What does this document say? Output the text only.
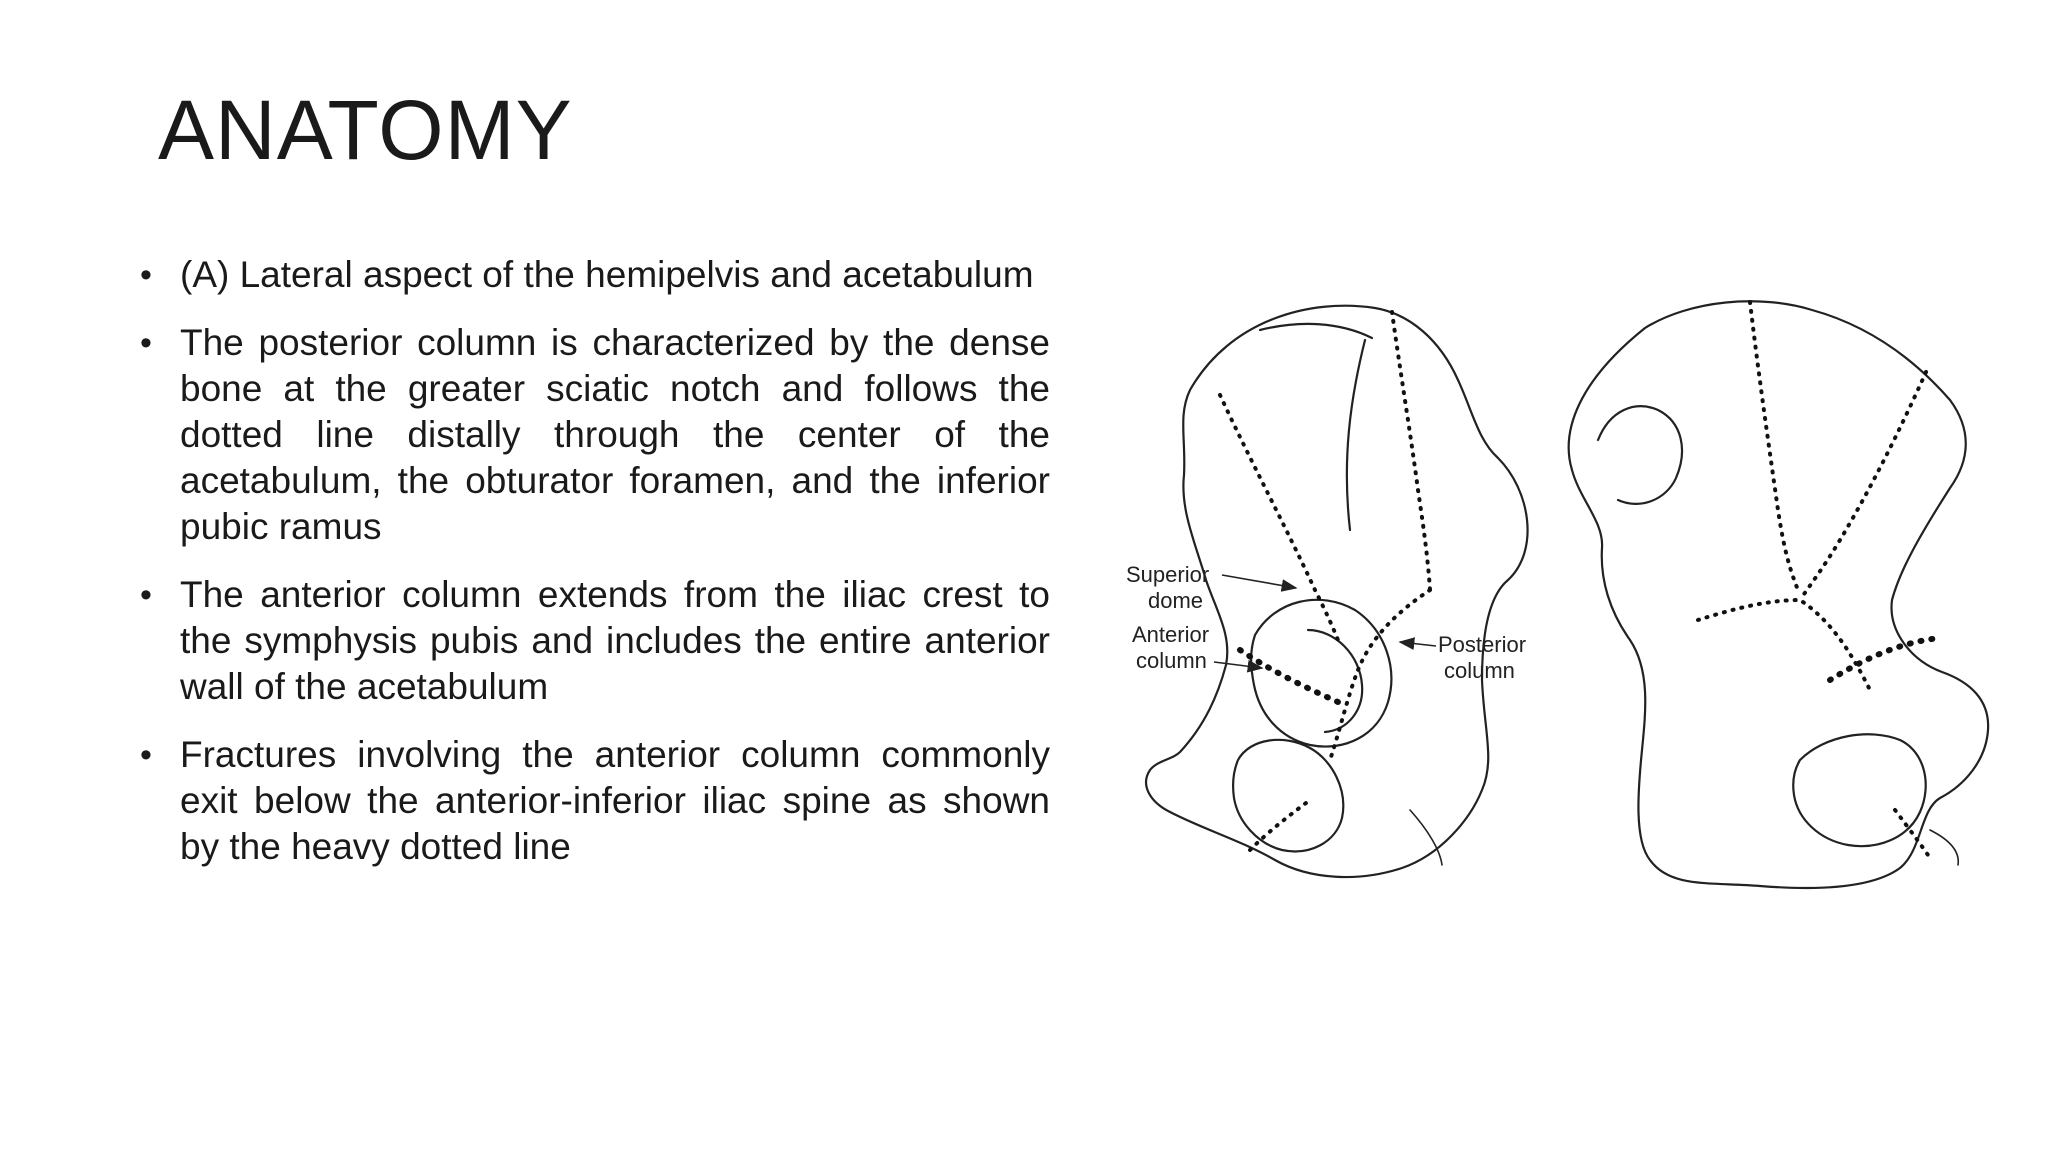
ANATOMY
• (A) Lateral aspect of the hemipelvis and acetabulum
• The posterior column is characterized by the dense bone at the greater sciatic notch and follows the dotted line distally through the center of the acetabulum, the obturator foramen, and the inferior pubic ramus
• The anterior column extends from the iliac crest to the symphysis pubis and includes the entire anterior wall of the acetabulum
• Fractures involving the anterior column commonly exit below the anterior-inferior iliac spine as shown by the heavy dotted line
Superior
dome
Anterior
column
Posterior
column
